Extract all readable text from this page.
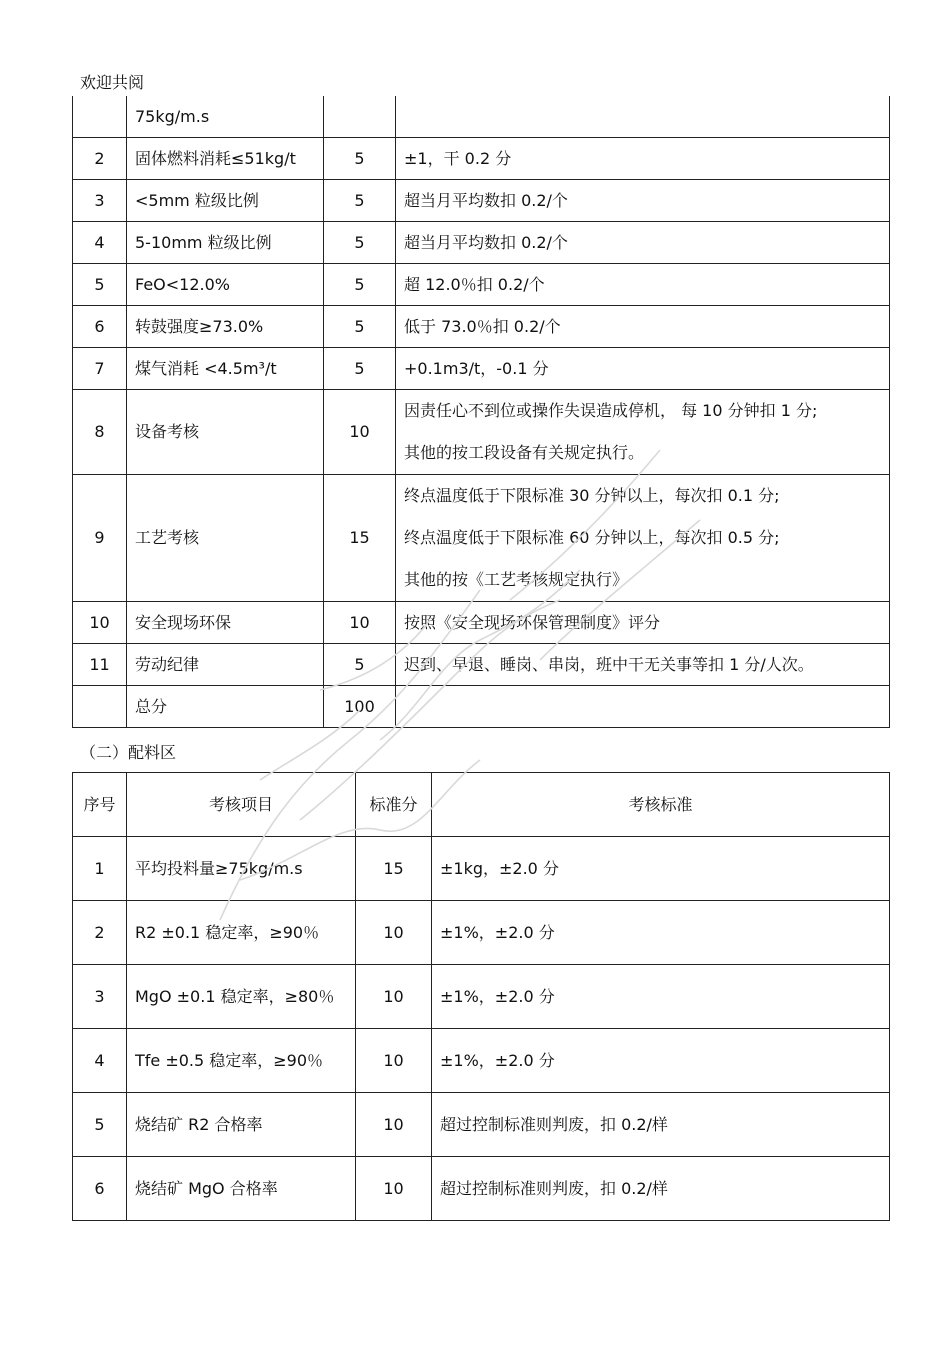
欢迎共阅
	75kg/m.s		

2	固体燃料消耗≤51kg/t	5	±1，干 0.2 分

3	<5mm 粒级比例	5	超当月平均数扣 0.2/个

4	5-10mm 粒级比例	5	超当月平均数扣 0.2/个

5	FeO<12.0%	5	超 12.0％扣 0.2/个

6	转鼓强度≥73.0%	5	低于 73.0％扣 0.2/个

7	煤气消耗 <4.5m³/t	5	+0.1m3/t，-0.1 分

8	设备考核	10	因责任心不到位或操作失误造成停机， 每 10 分钟扣 1 分;
其他的按工段设备有关规定执行。

9	工艺考核	15	终点温度低于下限标准 30 分钟以上，每次扣 0.1 分;
终点温度低于下限标准 60 分钟以上，每次扣 0.5 分;
其他的按《工艺考核规定执行》

10	安全现场环保	10	按照《安全现场环保管理制度》评分

11	劳动纪律	5	迟到、早退、睡岗、串岗，班中干无关事等扣 1 分/人次。

	总分	100	
（二）配料区
序号	考核项目	标准分	考核标准
1	平均投料量≥75kg/m.s	15	±1kg，±2.0 分
2	R2 ±0.1 稳定率，≥90％	10	±1%，±2.0 分
3	MgO ±0.1 稳定率，≥80％	10	±1%，±2.0 分
4	Tfe ±0.5 稳定率，≥90％	10	±1%，±2.0 分
5	烧结矿 R2 合格率	10	超过控制标准则判废，扣 0.2/样
6	烧结矿 MgO 合格率	10	超过控制标准则判废，扣 0.2/样
